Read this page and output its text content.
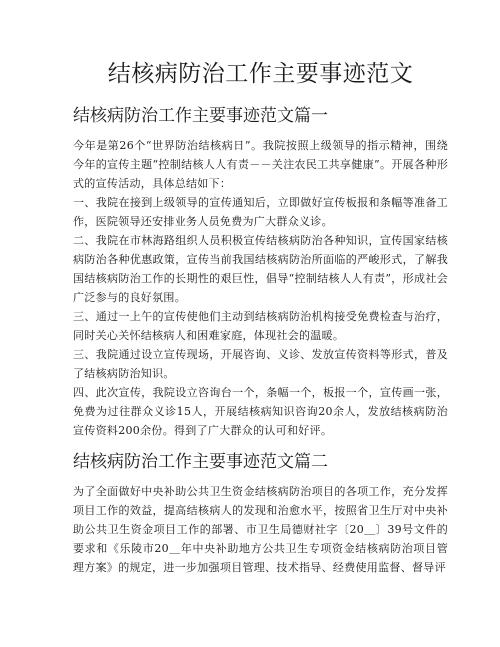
结核病防治工作主要事迹范文
结核病防治工作主要事迹范文篇一

今年是第26个“世界防治结核病日”。我院按照上级领导的指示精神，围绕今年的宣传主题“控制结核人人有责－－关注农民工共享健康”。开展各种形式的宣传活动，具体总结如下：

一、我院在接到上级领导的宣传通知后，立即做好宣传板报和条幅等准备工作，医院领导还安排业务人员免费为广大群众义诊。

二、我院在市林海路组织人员积极宣传结核病防治各种知识，宣传国家结核病防治各种优惠政策，宣传当前我国结核病防治所面临的严峻形式，了解我国结核病防治工作的长期性的艰巨性，倡导“控制结核人人有责”，形成社会广泛参与的良好氛围。

三、通过一上午的宣传使他们主动到结核病防治机构接受免费检查与治疗，同时关心关怀结核病人和困难家庭，体现社会的温暖。

三、我院通过设立宣传现场，开展咨询、义诊、发放宣传资料等形式，普及了结核病防治知识。

四、此次宣传，我院设立咨询台一个，条幅一个，板报一个，宣传画一张，免费为过往群众义诊15人，开展结核病知识咨询20余人，发放结核病防治宣传资料200余份。得到了广大群众的认可和好评。

结核病防治工作主要事迹范文篇二

为了全面做好中央补助公共卫生资金结核病防治项目的各项工作，充分发挥项目工作的效益，提高结核病人的发现和治愈水平，按照省卫生厅对中央补助公共卫生资金项目工作的部署、市卫生局德财社字〔20＿〕39号文件的要求和《乐陵市20＿年中央补助地方公共卫生专项资金结核病防治项目管理方案》的规定，进一步加强项目管理、技术指导、经费使用监督、督导评
